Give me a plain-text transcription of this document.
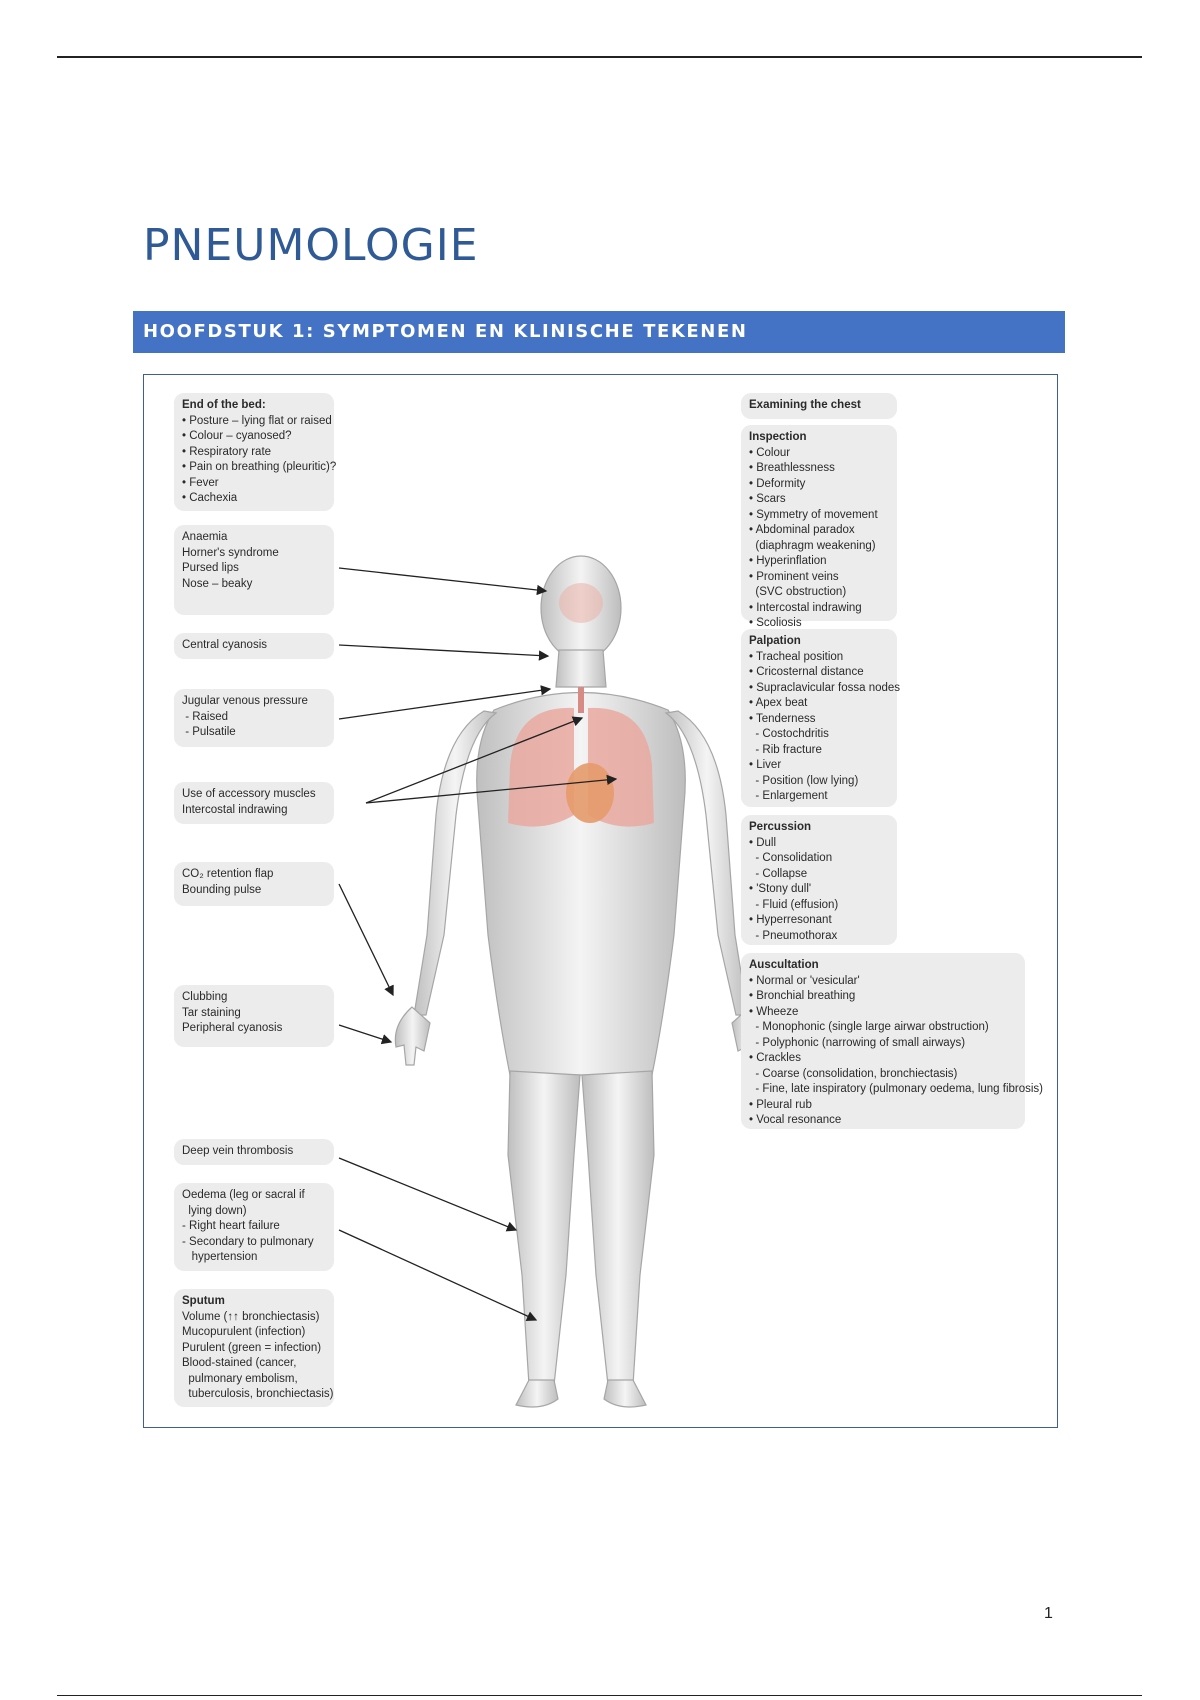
PNEUMOLOGIE
HOOFDSTUK 1: SYMPTOMEN EN KLINISCHE TEKENEN
End of the bed:
• Posture – lying flat or raised
• Colour – cyanosed?
• Respiratory rate
• Pain on breathing (pleuritic)?
• Fever
• Cachexia
Anaemia
Horner's syndrome
Pursed lips
Nose – beaky
Central cyanosis
Jugular venous pressure
- Raised
- Pulsatile
Use of accessory muscles
Intercostal indrawing
CO₂ retention flap
Bounding pulse
Clubbing
Tar staining
Peripheral cyanosis
Deep vein thrombosis
Oedema (leg or sacral if
lying down)
- Right heart failure
- Secondary to pulmonary
hypertension
Sputum
Volume (↑↑ bronchiectasis)
Mucopurulent (infection)
Purulent (green = infection)
Blood-stained (cancer,
pulmonary embolism,
tuberculosis, bronchiectasis)
Examining the chest
Inspection
• Colour
• Breathlessness
• Deformity
• Scars
• Symmetry of movement
• Abdominal paradox
(diaphragm weakening)
• Hyperinflation
• Prominent veins
(SVC obstruction)
• Intercostal indrawing
• Scoliosis
Palpation
• Tracheal position
• Cricosternal distance
• Supraclavicular fossa nodes
• Apex beat
• Tenderness
- Costochdritis
- Rib fracture
• Liver
- Position (low lying)
- Enlargement
Percussion
• Dull
- Consolidation
- Collapse
• 'Stony dull'
- Fluid (effusion)
• Hyperresonant
- Pneumothorax
Auscultation
• Normal or 'vesicular'
• Bronchial breathing
• Wheeze
- Monophonic (single large airwar obstruction)
- Polyphonic (narrowing of small airways)
• Crackles
- Coarse (consolidation, bronchiectasis)
- Fine, late inspiratory (pulmonary oedema, lung fibrosis)
• Pleural rub
• Vocal resonance
1
